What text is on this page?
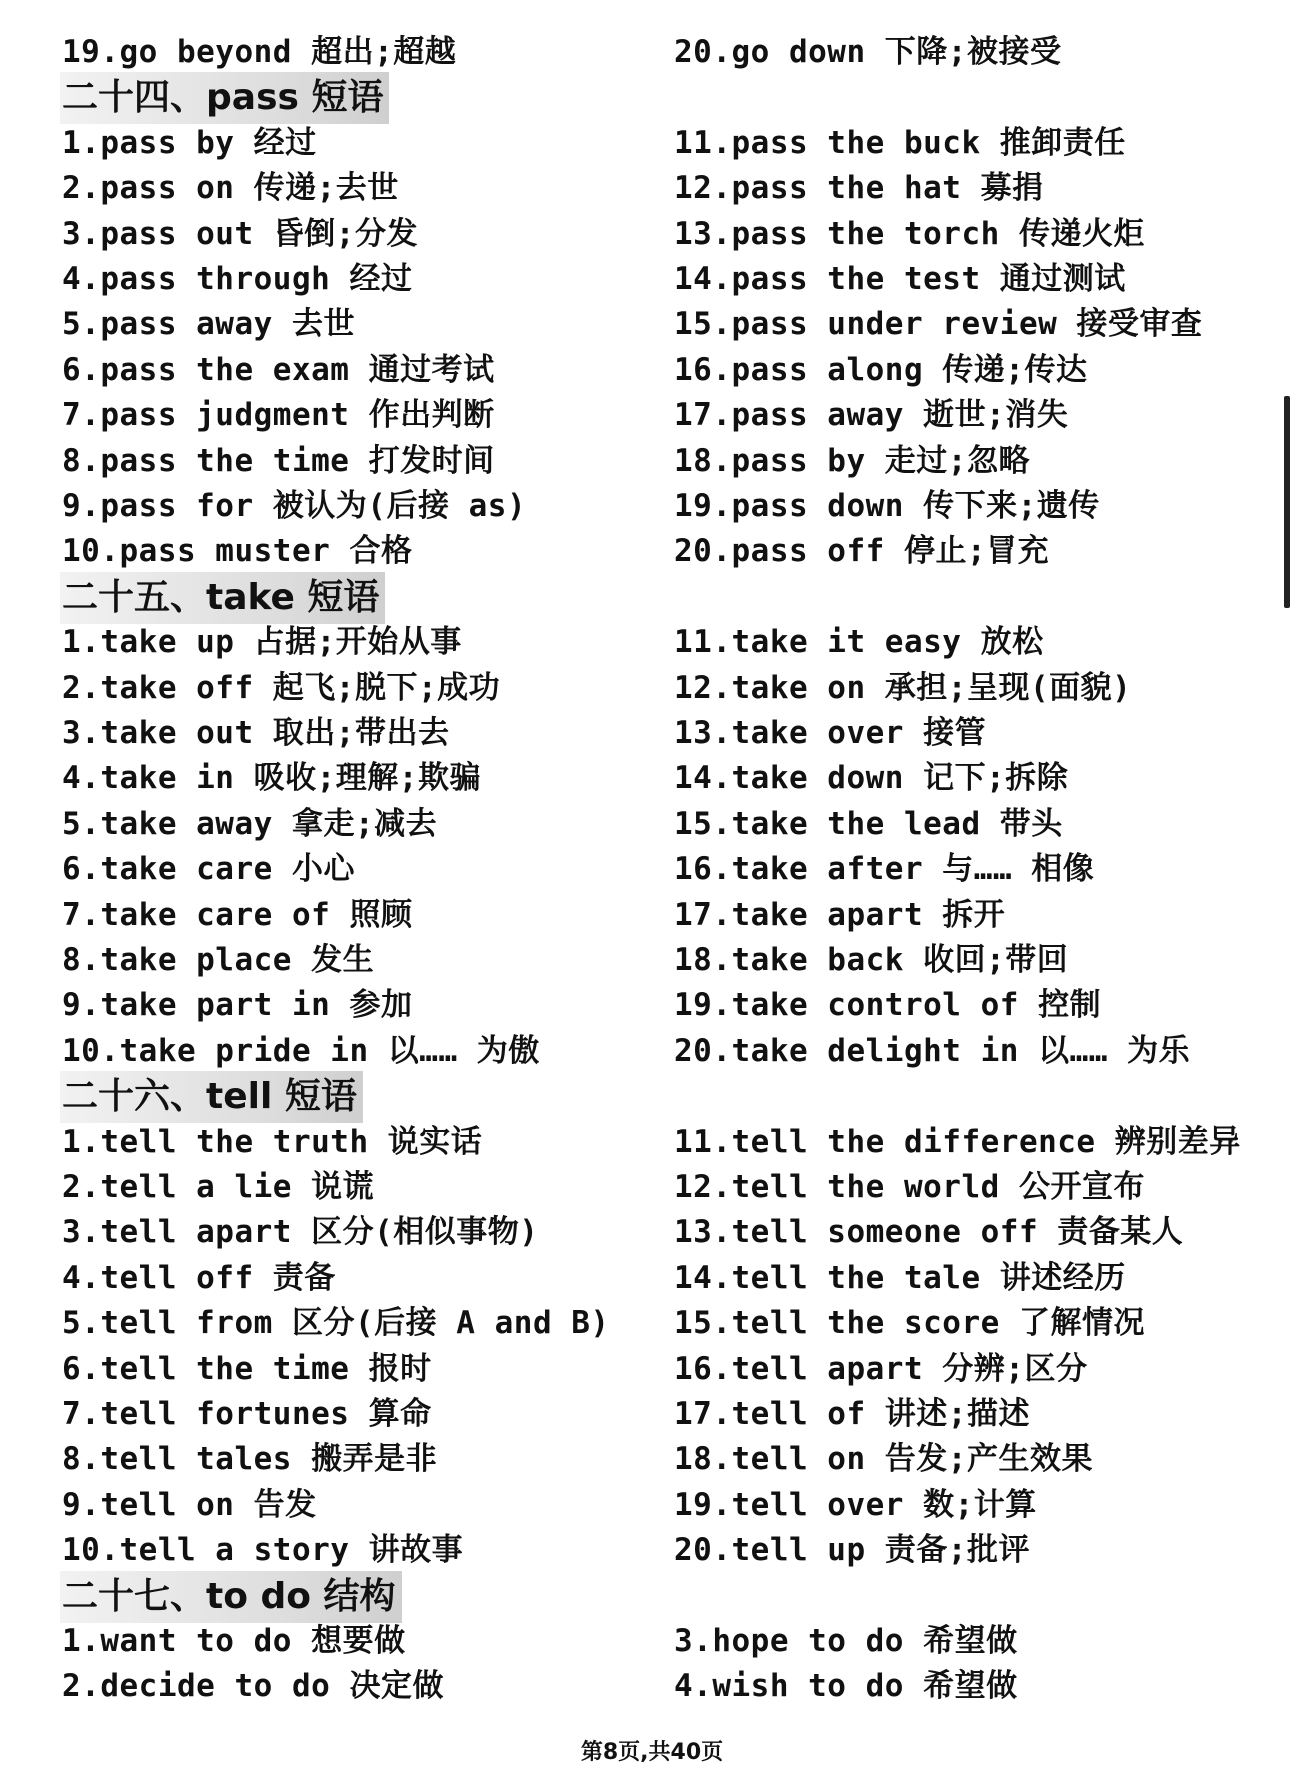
19.go beyond 超出;超越	20.go down 下降;被接受
二十四、pass 短语
1.pass by 经过	11.pass the buck 推卸责任
2.pass on 传递;去世	12.pass the hat 募捐
3.pass out 昏倒;分发	13.pass the torch 传递火炬
4.pass through 经过	14.pass the test 通过测试
5.pass away 去世	15.pass under review 接受审查
6.pass the exam 通过考试	16.pass along 传递;传达
7.pass judgment 作出判断	17.pass away 逝世;消失
8.pass the time 打发时间	18.pass by 走过;忽略
9.pass for 被认为(后接 as)	19.pass down 传下来;遗传
10.pass muster 合格	20.pass off 停止;冒充
二十五、take 短语
1.take up 占据;开始从事	11.take it easy 放松
2.take off 起飞;脱下;成功	12.take on 承担;呈现(面貌)
3.take out 取出;带出去	13.take over 接管
4.take in 吸收;理解;欺骗	14.take down 记下;拆除
5.take away 拿走;减去	15.take the lead 带头
6.take care 小心	16.take after 与…… 相像
7.take care of 照顾	17.take apart 拆开
8.take place 发生	18.take back 收回;带回
9.take part in 参加	19.take control of 控制
10.take pride in 以…… 为傲	20.take delight in 以…… 为乐
二十六、tell 短语
1.tell the truth 说实话	11.tell the difference 辨别差异
2.tell a lie 说谎	12.tell the world 公开宣布
3.tell apart 区分(相似事物)	13.tell someone off 责备某人
4.tell off 责备	14.tell the tale 讲述经历
5.tell from 区分(后接 A and B) 15.tell the score 了解情况
6.tell the time 报时	16.tell apart 分辨;区分
7.tell fortunes 算命	17.tell of 讲述;描述
8.tell tales 搬弄是非	18.tell on 告发;产生效果
9.tell on 告发	19.tell over 数;计算
10.tell a story 讲故事	20.tell up 责备;批评
二十七、to do 结构
1.want to do 想要做	3.hope to do 希望做
2.decide to do 决定做	4.wish to do 希望做
第8页,共40页
